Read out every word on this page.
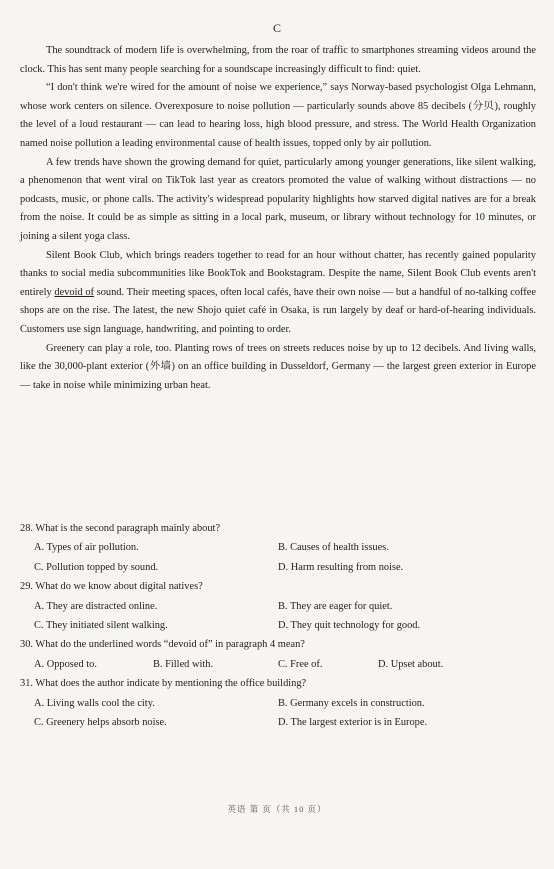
C

The soundtrack of modern life is overwhelming, from the roar of traffic to smartphones streaming videos around the clock. This has sent many people searching for a soundscape increasingly difficult to find: quiet.

“I don't think we're wired for the amount of noise we experience,” says Norway-based psychologist Olga Lehmann, whose work centers on silence. Overexposure to noise pollution — particularly sounds above 85 decibels (分贝), roughly the level of a loud restaurant — can lead to hearing loss, high blood pressure, and stress. The World Health Organization named noise pollution a leading environmental cause of health issues, topped only by air pollution.

A few trends have shown the growing demand for quiet, particularly among younger generations, like silent walking, a phenomenon that went viral on TikTok last year as creators promoted the value of walking without distractions — no podcasts, music, or phone calls. The activity's widespread popularity highlights how starved digital natives are for a break from the noise. It could be as simple as sitting in a local park, museum, or library without technology for 10 minutes, or joining a silent yoga class.

Silent Book Club, which brings readers together to read for an hour without chatter, has recently gained popularity thanks to social media subcommunities like BookTok and Bookstagram. Despite the name, Silent Book Club events aren't entirely devoid of sound. Their meeting spaces, often local cafés, have their own noise — but a handful of no-talking coffee shops are on the rise. The latest, the new Shojo quiet café in Osaka, is run largely by deaf or hard-of-hearing individuals. Customers use sign language, handwriting, and pointing to order.

Greenery can play a role, too. Planting rows of trees on streets reduces noise by up to 12 decibels. And living walls, like the 30,000-plant exterior (外墙) on an office building in Dusseldorf, Germany — the largest green exterior in Europe — take in noise while minimizing urban heat.

28. What is the second paragraph mainly about?
A. Types of air pollution.	B. Causes of health issues.
C. Pollution topped by sound.	D. Harm resulting from noise.
29. What do we know about digital natives?
A. They are distracted online.	B. They are eager for quiet.
C. They initiated silent walking.	D. They quit technology for good.
30. What do the underlined words “devoid of” in paragraph 4 mean?
A. Opposed to.	B. Filled with.	C. Free of.	D. Upset about.
31. What does the author indicate by mentioning the office building?
A. Living walls cool the city.	B. Germany excels in construction.
C. Greenery helps absorb noise.	D. The largest exterior is in Europe.
英语 第 页（共 10 页）
